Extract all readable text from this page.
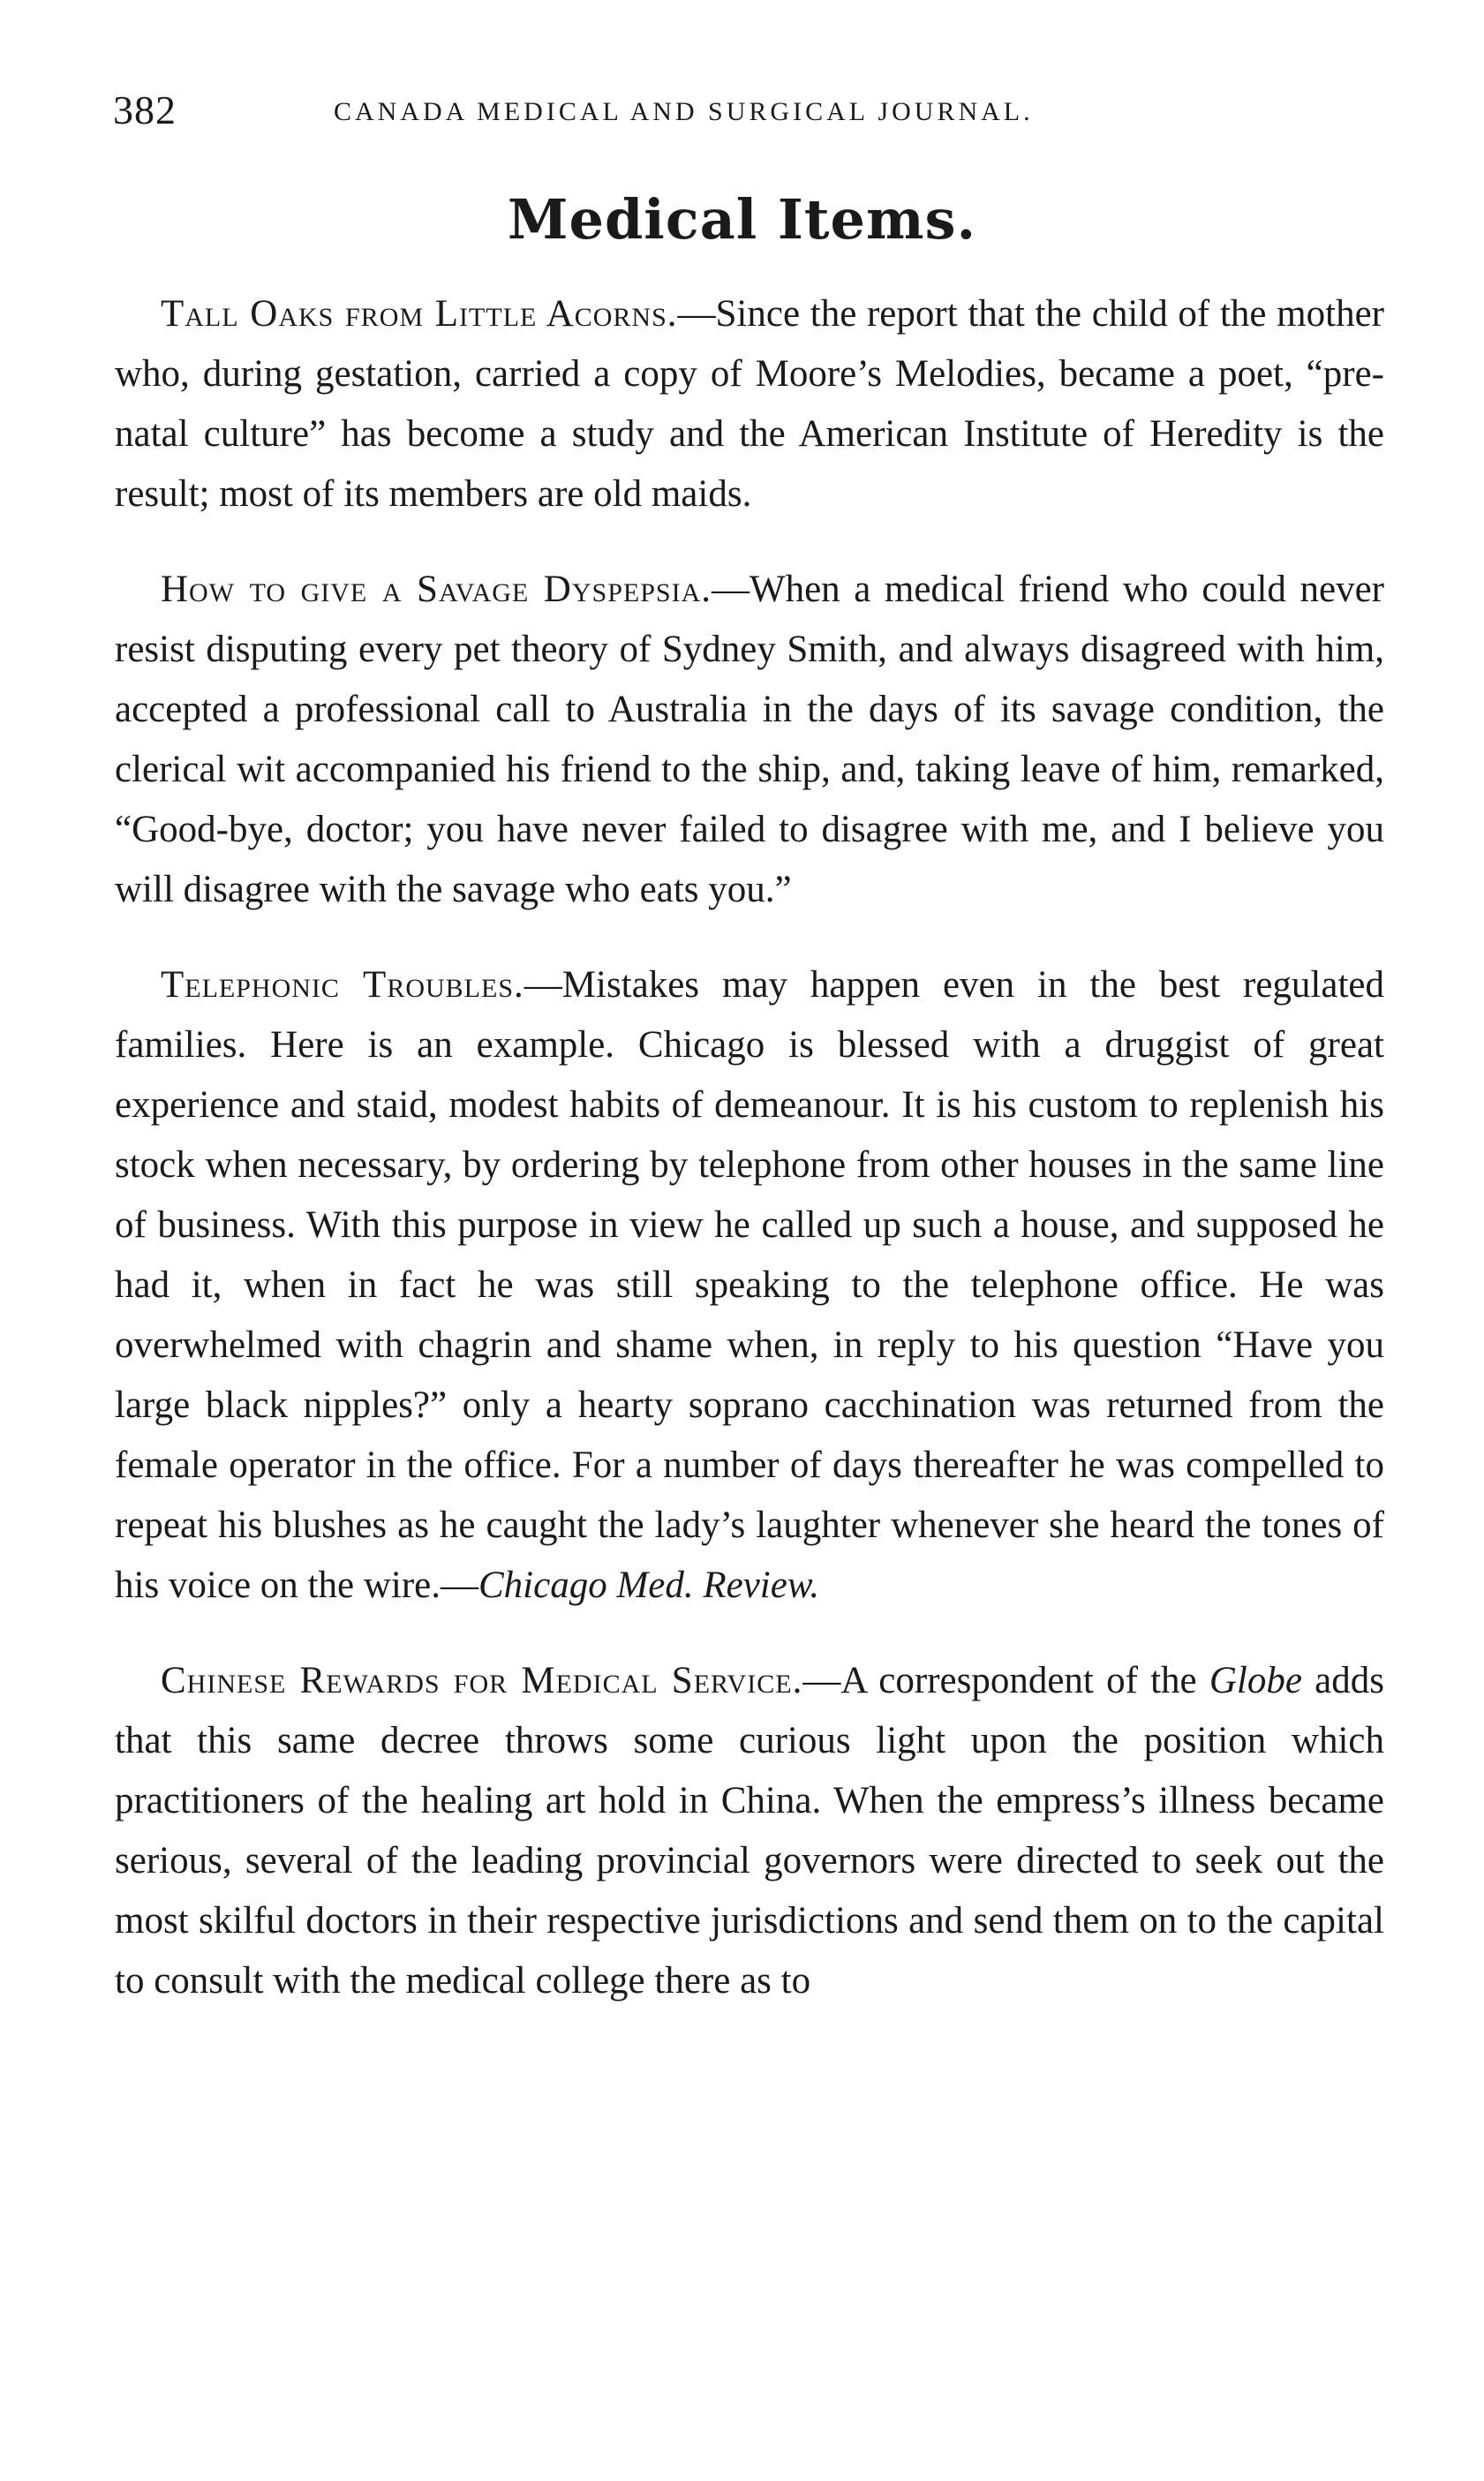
382	CANADA MEDICAL AND SURGICAL JOURNAL.
Medical Items.

Tall Oaks from Little Acorns.—Since the report that the child of the mother who, during gestation, carried a copy of Moore’s Melodies, became a poet, “pre-natal culture” has become a study and the American Institute of Heredity is the result; most of its members are old maids.

How to give a Savage Dyspepsia.—When a medical friend who could never resist disputing every pet theory of Sydney Smith, and always disagreed with him, accepted a professional call to Australia in the days of its savage condition, the clerical wit accompanied his friend to the ship, and, taking leave of him, remarked, “Good-bye, doctor; you have never failed to disagree with me, and I believe you will disagree with the savage who eats you.”

Telephonic Troubles.—Mistakes may happen even in the best regulated families. Here is an example. Chicago is blessed with a druggist of great experience and staid, modest habits of demeanour. It is his custom to replenish his stock when necessary, by ordering by telephone from other houses in the same line of business. With this purpose in view he called up such a house, and supposed he had it, when in fact he was still speaking to the telephone office. He was overwhelmed with chagrin and shame when, in reply to his question “Have you large black nipples?” only a hearty soprano cacchination was returned from the female operator in the office. For a number of days thereafter he was compelled to repeat his blushes as he caught the lady’s laughter whenever she heard the tones of his voice on the wire.—Chicago Med. Review.

Chinese Rewards for Medical Service.—A correspondent of the Globe adds that this same decree throws some curious light upon the position which practitioners of the healing art hold in China. When the empress’s illness became serious, several of the leading provincial governors were directed to seek out the most skilful doctors in their respective jurisdictions and send them on to the capital to consult with the medical college there as to
